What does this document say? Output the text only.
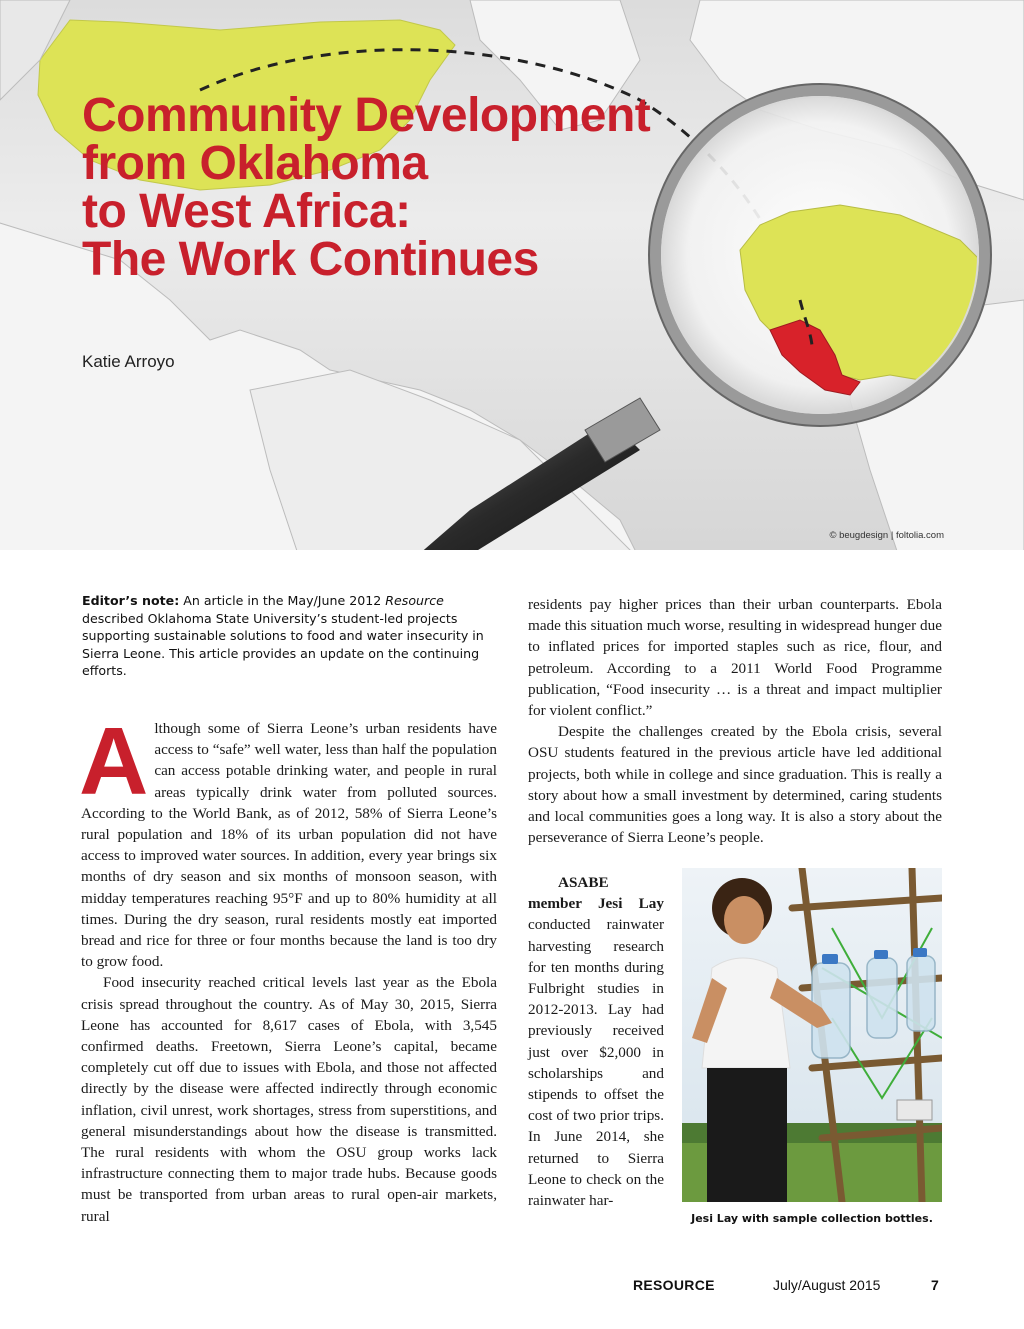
Community Development
from Oklahoma
to West Africa:
The Work Continues
Katie Arroyo
© beugdesign | foltolia.com
Editor’s note: An article in the May/June 2012 Resource described Oklahoma State University’s student-led projects supporting sustainable solutions to food and water insecurity in Sierra Leone. This article provides an update on the continuing efforts.

Although some of Sierra Leone’s urban residents have access to “safe” well water, less than half the population can access potable drinking water, and people in rural areas typically drink water from polluted sources. According to the World Bank, as of 2012, 58% of Sierra Leone’s rural population and 18% of its urban population did not have access to improved water sources. In addition, every year brings six months of dry season and six months of monsoon season, with midday temperatures reaching 95°F and up to 80% humidity at all times. During the dry season, rural residents mostly eat imported bread and rice for three or four months because the land is too dry to grow food.

Food insecurity reached critical levels last year as the Ebola crisis spread throughout the country. As of May 30, 2015, Sierra Leone has accounted for 8,617 cases of Ebola, with 3,545 confirmed deaths. Freetown, Sierra Leone’s capital, became completely cut off due to issues with Ebola, and those not affected directly by the disease were affected indirectly through economic inflation, civil unrest, work shortages, stress from superstitions, and general misunderstandings about how the disease is transmitted. The rural residents with whom the OSU group works lack infrastructure connecting them to major trade hubs. Because goods must be transported from urban areas to rural open-air markets, rural

residents pay higher prices than their urban counterparts. Ebola made this situation much worse, resulting in widespread hunger due to inflated prices for imported staples such as rice, flour, and petroleum. According to a 2011 World Food Programme publication, “Food insecurity … is a threat and impact multiplier for violent conflict.”

Despite the challenges created by the Ebola crisis, several OSU students featured in the previous article have led additional projects, both while in college and since graduation. This is really a story about how a small investment by determined, caring students and local communities goes a long way. It is also a story about the perseverance of Sierra Leone’s people.

ASABE member Jesi Lay conducted rainwater harvesting research for ten months during Fulbright studies in 2012-2013. Lay had previously received just over $2,000 in scholarships and stipends to offset the cost of two prior trips. In June 2014, she returned to Sierra Leone to check on the rainwater har-

Jesi Lay with sample collection bottles.
RESOURCE	July/August 2015	7
